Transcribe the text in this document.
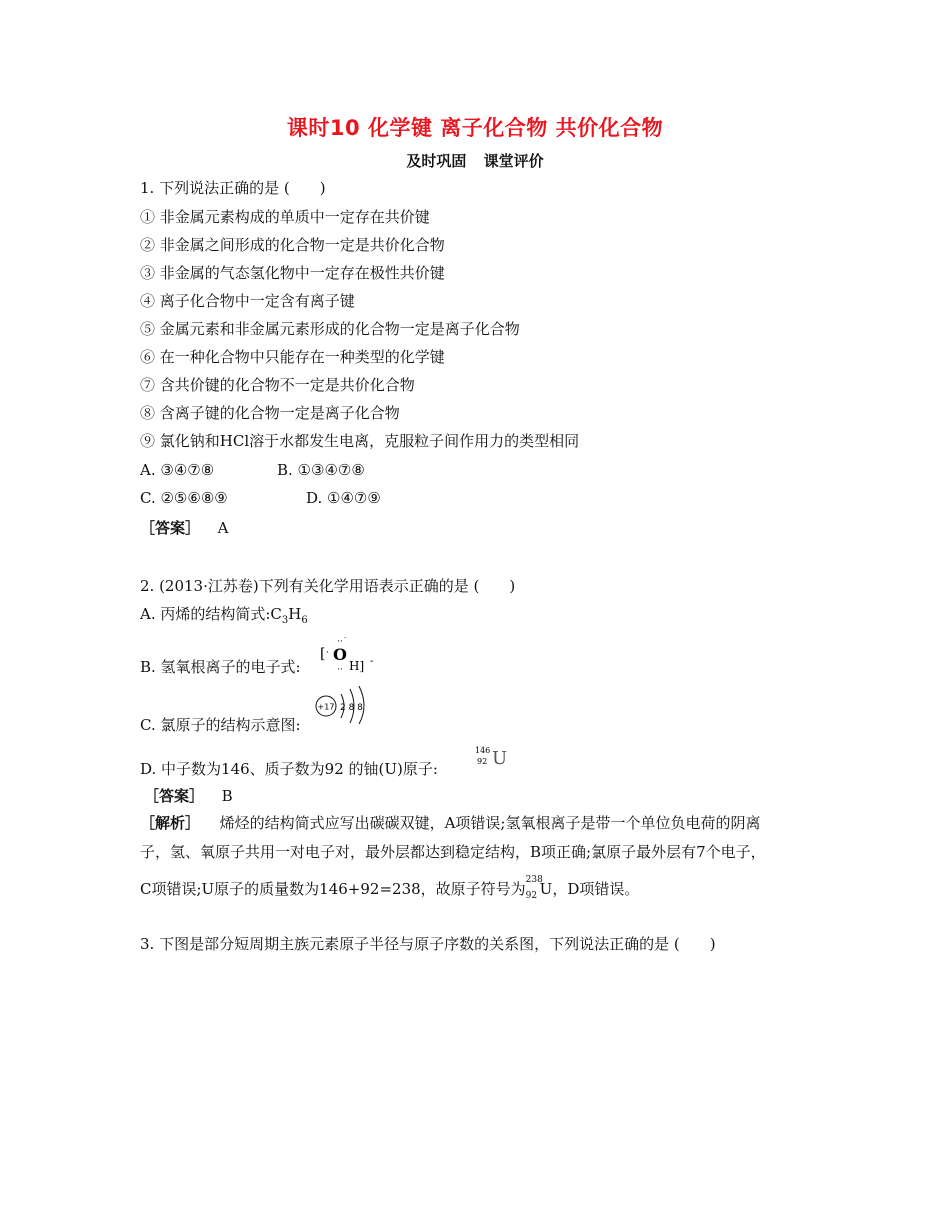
课时10 化学键 离子化合物 共价化合物
及时巩固 课堂评价
1. 下列说法正确的是 (　　)
① 非金属元素构成的单质中一定存在共价键
② 非金属之间形成的化合物一定是共价化合物
③ 非金属的气态氢化物中一定存在极性共价键
④ 离子化合物中一定含有离子键
⑤ 金属元素和非金属元素形成的化合物一定是离子化合物
⑥ 在一种化合物中只能存在一种类型的化学键
⑦ 含共价键的化合物不一定是共价化合物
⑧ 含离子键的化合物一定是离子化合物
⑨ 氯化钠和HCl溶于水都发生电离，克服粒子间作用力的类型相同
A. ③④⑦⑧	B. ①③④⑦⑧
C. ②⑤⑥⑧⑨	D. ①④⑦⑨
［答案］ A
2. (2013·江苏卷)下列有关化学用语表示正确的是 (　　)
A. 丙烯的结构简式$:C_3H_6$
B. 氢氧根离子的电子式:
[ · O
·· ·
·· H] -
C. 氯原子的结构示意图:
+17 2 8 8
D. 中子数为146、质子数为92 的铀(U)原子:
146
92 U
［答案］ B
［解析］ 烯烃的结构简式应写出碳碳双键，A项错误;氢氧根离子是带一个单位负电荷的阴离
子，氢、氧原子共用一对电子对，最外层都达到稳定结构，B项正确;氯原子最外层有7个电子，
C项错误;U原子的质量数为146+92=238，故原子符号为 238
92 U，D项错误。
3. 下图是部分短周期主族元素原子半径与原子序数的关系图，下列说法正确的是 (　　)
